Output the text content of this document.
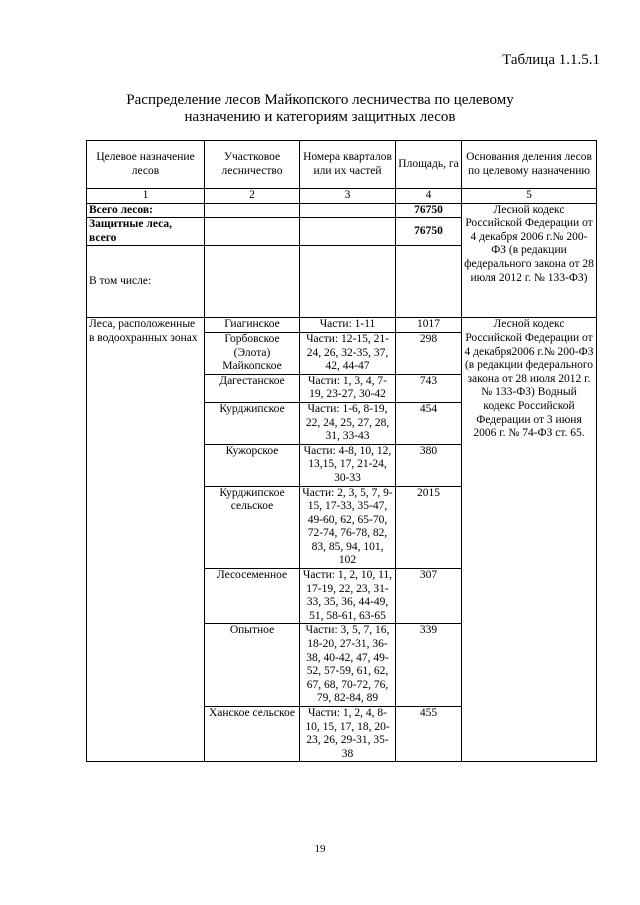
Таблица 1.1.5.1
Распределение лесов Майкопского лесничества по целевому
назначению и категориям защитных лесов
Целевое назначение лесов	Участковое лесничество	Номера кварталов или их частей	Площадь, га	Основания деления лесов по целевому назначению
1	2	3	4	5
Всего лесов:			76750	Лесной кодекс Российской Федерации от 4 декабря 2006 г.№ 200-ФЗ (в редакции федерального закона от 28 июля 2012 г. № 133-ФЗ)
Защитные леса, всего			76750	
В том числе:				
Леса, расположенные в водоохранных зонах	Гиагинское	Части: 1-11	1017	Лесной кодекс Российской Федерации от 4 декабря2006 г.№ 200-ФЗ (в редакции федерального закона от 28 июля 2012 г. № 133-ФЗ) Водный кодекс Российской Федерации от 3 июня 2006 г. № 74-ФЗ ст. 65.
	Горбовское (Элота) Майкопское	Части: 12-15, 21-24, 26, 32-35, 37, 42, 44-47	298	
	Дагестанское	Части: 1, 3, 4, 7-19, 23-27, 30-42	743	
	Курджипское	Части: 1-6, 8-19, 22, 24, 25, 27, 28, 31, 33-43	454	
	Кужорское	Части: 4-8, 10, 12, 13,15, 17, 21-24, 30-33	380	
	Курджипское сельское	Части: 2, 3, 5, 7, 9-15, 17-33, 35-47, 49-60, 62, 65-70, 72-74, 76-78, 82, 83, 85, 94, 101, 102	2015	
	Лесосеменное	Части: 1, 2, 10, 11, 17-19, 22, 23, 31-33, 35, 36, 44-49, 51, 58-61, 63-65	307	
	Опытное	Части: 3, 5, 7, 16, 18-20, 27-31, 36-38, 40-42, 47, 49-52, 57-59, 61, 62, 67, 68, 70-72, 76, 79, 82-84, 89	339	
	Ханское сельское	Части: 1, 2, 4, 8-10, 15, 17, 18, 20-23, 26, 29-31, 35-38	455	
19
